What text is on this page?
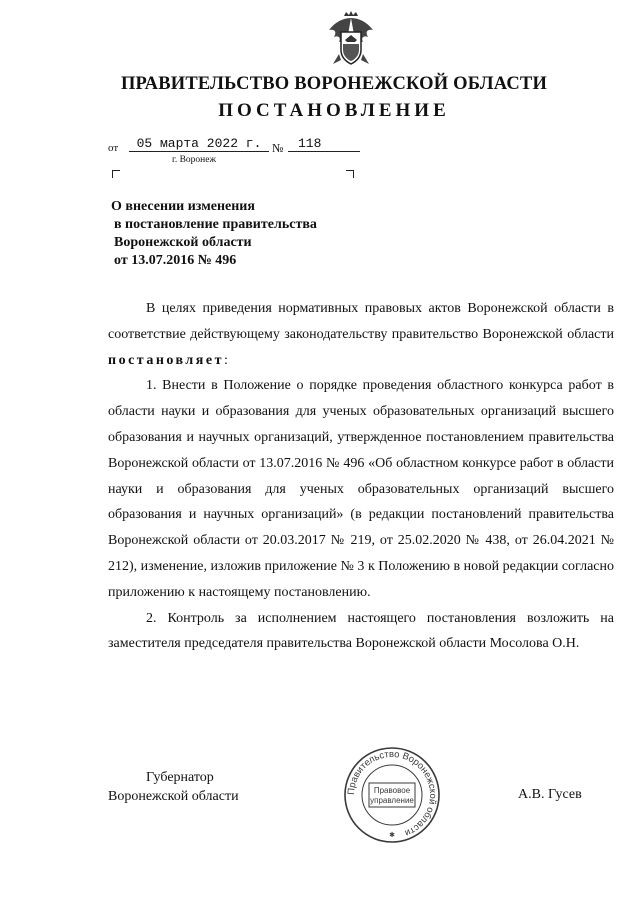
ПРАВИТЕЛЬСТВО ВОРОНЕЖСКОЙ ОБЛАСТИ
ПОСТАНОВЛЕНИЕ
от	05 марта 2022 г. №	118
г. Воронеж
О внесении изменения
в постановление правительства
Воронежской области
от 13.07.2016 № 496

В целях приведения нормативных правовых актов Воронежской области в соответствие действующему законодательству правительство Воронежской области постановляет:

1. Внести в Положение о порядке проведения областного конкурса работ в области науки и образования для ученых образовательных организаций высшего образования и научных организаций, утвержденное постановлением правительства Воронежской области от 13.07.2016 № 496 «Об областном конкурсе работ в области науки и образования для ученых образовательных организаций высшего образования и научных организаций» (в редакции постановлений правительства Воронежской области от 20.03.2017 № 219, от 25.02.2020 № 438, от 26.04.2021 № 212), изменение, изложив приложение № 3 к Положению в новой редакции согласно приложению к настоящему постановлению.

2. Контроль за исполнением настоящего постановления возложить на заместителя председателя правительства Воронежской области Мосолова О.Н.

Губернатор
Воронежской области	А.В. Гусев
Правительство Воронежской области
Правовое
управление
✱
